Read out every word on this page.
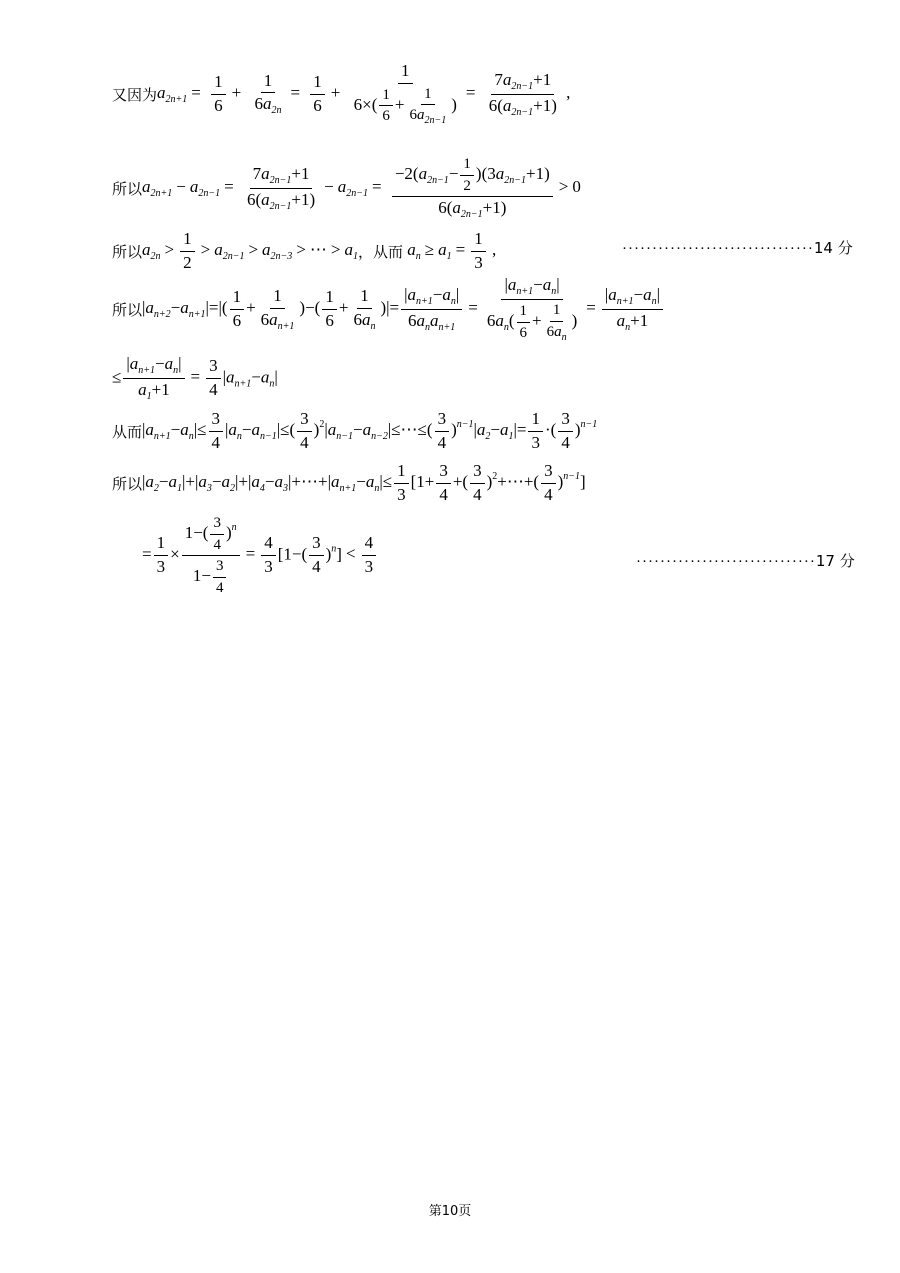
又因为 $a_{2n+1} = \frac{1}{6} + \frac{1}{6a_{2n}} = \frac{1}{6} + \frac{1}{6\times( \frac{1}{6} + \frac{1}{6a_{2n-1}} )} = \frac{7a_{2n-1}+1}{6(a_{2n-1}+1)}$ ,
所以 $a_{2n+1} - a_{2n-1} = \frac{7a_{2n-1}+1}{6(a_{2n-1}+1)} - a_{2n-1} = \frac{-2(a_{2n-1}- \frac{1}{2} )(3a_{2n-1}+1)}{6(a_{2n-1}+1)} > 0$
所以 $a_{2n} > \frac{1}{2} > a_{2n-1} > a_{2n-3}$ > ⋯ > $a_1$ ，从而 $a_n \ge a_1 = \frac{1}{3}$ ,	································14 分
所以 $|a_{n+2}-a_{n+1}|=|( \frac{1}{6} + \frac{1}{6a_{n+1}}$ )−( $\frac{1}{6} + \frac{1}{6a_n}$ )|= $\frac{|a_{n+1}-a_n|}{6a_na_{n+1}} = \frac{|a_{n+1}-a_n|}{6a_n( \frac{1}{6} + \frac{1}{6a_n} )} = \frac{|a_{n+1}-a_n|}{a_n+1}$
≤ $\frac{|a_{n+1}-a_n|}{a_1+1} = \frac{3}{4} |a_{n+1}-a_n|$
从而 $|a_{n+1}-a_n|\le \frac{3}{4} |a_n-a_{n-1}|\le( \frac{3}{4}$ )$^2|a_{n-1}-a_{n-2}|\le\cdots\le( \frac{3}{4} )^{n-1}|a_2-a_1|= \frac{1}{3}$ ·( $\frac{3}{4} )^{n-1}$
所以 $|a_2-a_1|+|a_3-a_2|+|a_4-a_3|+\cdots+|a_{n+1}-a_n|\le \frac{1}{3} [1+ \frac{3}{4}$ +( $\frac{3}{4}$ )$^2$+⋯+( $\frac{3}{4} )^{n-1}$]
= $\frac{1}{3} \times \frac{1-( \frac{3}{4} )^n}{1- \frac{3}{4}} = \frac{4}{3} [1-( \frac{3}{4} )^n] < \frac{4}{3}$	······························17 分
第10页
